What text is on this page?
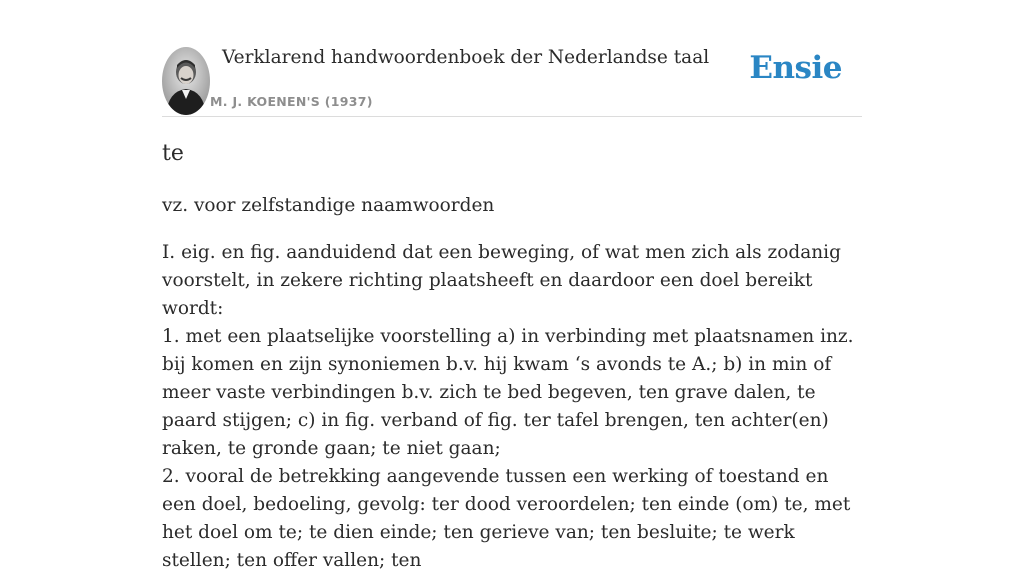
Verklarend handwoordenboek der Nederlandse taal
M. J. KOENEN'S (1937)
Ensie
te
vz. voor zelfstandige naamwoorden

I. eig. en fig. aanduidend dat een beweging, of wat men zich als zodanig voorstelt, in zekere richting plaatsheeft en daardoor een doel bereikt wordt:

1. met een plaatselijke voorstelling a) in verbinding met plaatsnamen inz. bij komen en zijn synoniemen b.v. hij kwam ʻs avonds te A.; b) in min of meer vaste verbindingen b.v. zich te bed begeven, ten grave dalen, te paard stijgen; c) in fig. verband of fig. ter tafel brengen, ten achter(en) raken, te gronde gaan; te niet gaan;

2. vooral de betrekking aangevende tussen een werking of toestand en een doel, bedoeling, gevolg: ter dood veroordelen; ten einde (om) te, met het doel om te; te dien einde; ten gerieve van; ten besluite; te werk stellen; ten offer vallen; ten
